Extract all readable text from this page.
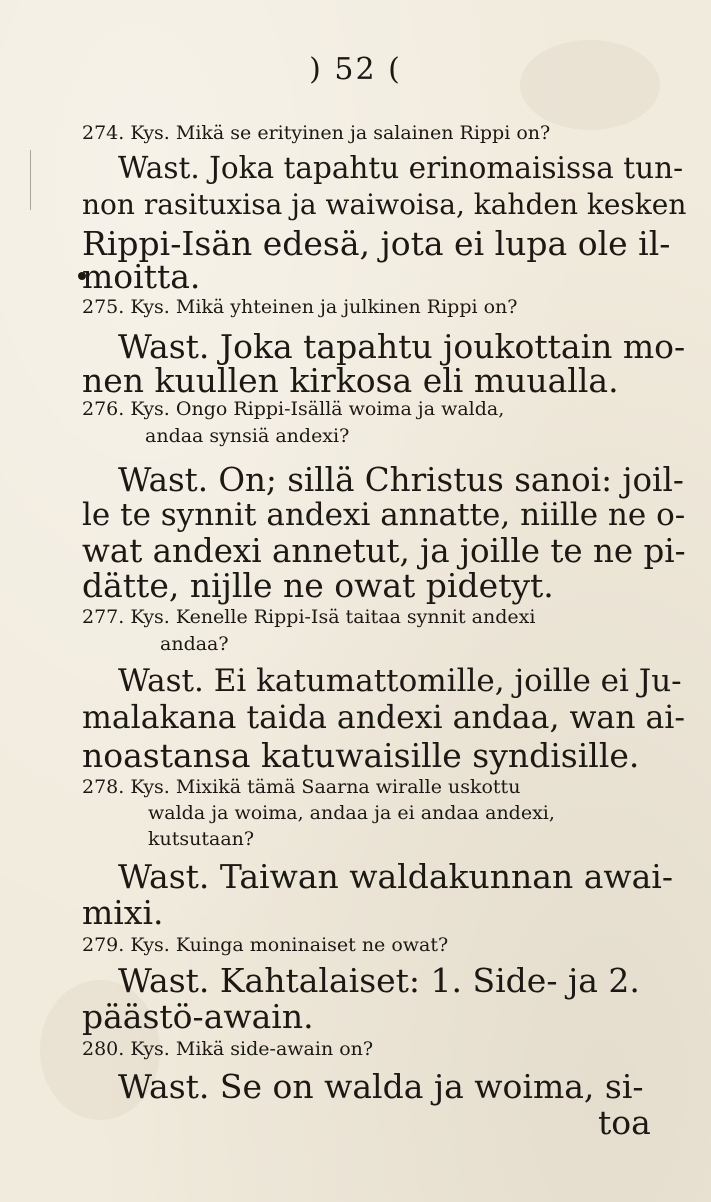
) 52 (
274. Kys. Mikä se erityinen ja salainen Rippi on?
Wast. Joka tapahtu erinomaisissa tun-
non rasituxisa ja waiwoisa, kahden kesken
Rippi-Isän edesä, jota ei lupa ole il-
moitta.
275. Kys. Mikä yhteinen ja julkinen Rippi on?
Wast. Joka tapahtu joukottain mo-
nen kuullen kirkosa eli muualla.
276. Kys. Ongo Rippi-Isällä woima ja walda,
andaa synsiä andexi?
Wast. On; sillä Christus sanoi: joil-
le te synnit andexi annatte, niille ne o-
wat andexi annetut, ja joille te ne pi-
dätte, nijlle ne owat pidetyt.
277. Kys. Kenelle Rippi-Isä taitaa synnit andexi
andaa?
Wast. Ei katumattomille, joille ei Ju-
malakana taida andexi andaa, wan ai-
noastansa katuwaisille syndisille.
278. Kys. Mixikä tämä Saarna wiralle uskottu
walda ja woima, andaa ja ei andaa andexi,
kutsutaan?
Wast. Taiwan waldakunnan awai-
mixi.
279. Kys. Kuinga moninaiset ne owat?
Wast. Kahtalaiset: 1. Side- ja 2.
päästö-awain.
280. Kys. Mikä side-awain on?
Wast. Se on walda ja woima, si-
toa
